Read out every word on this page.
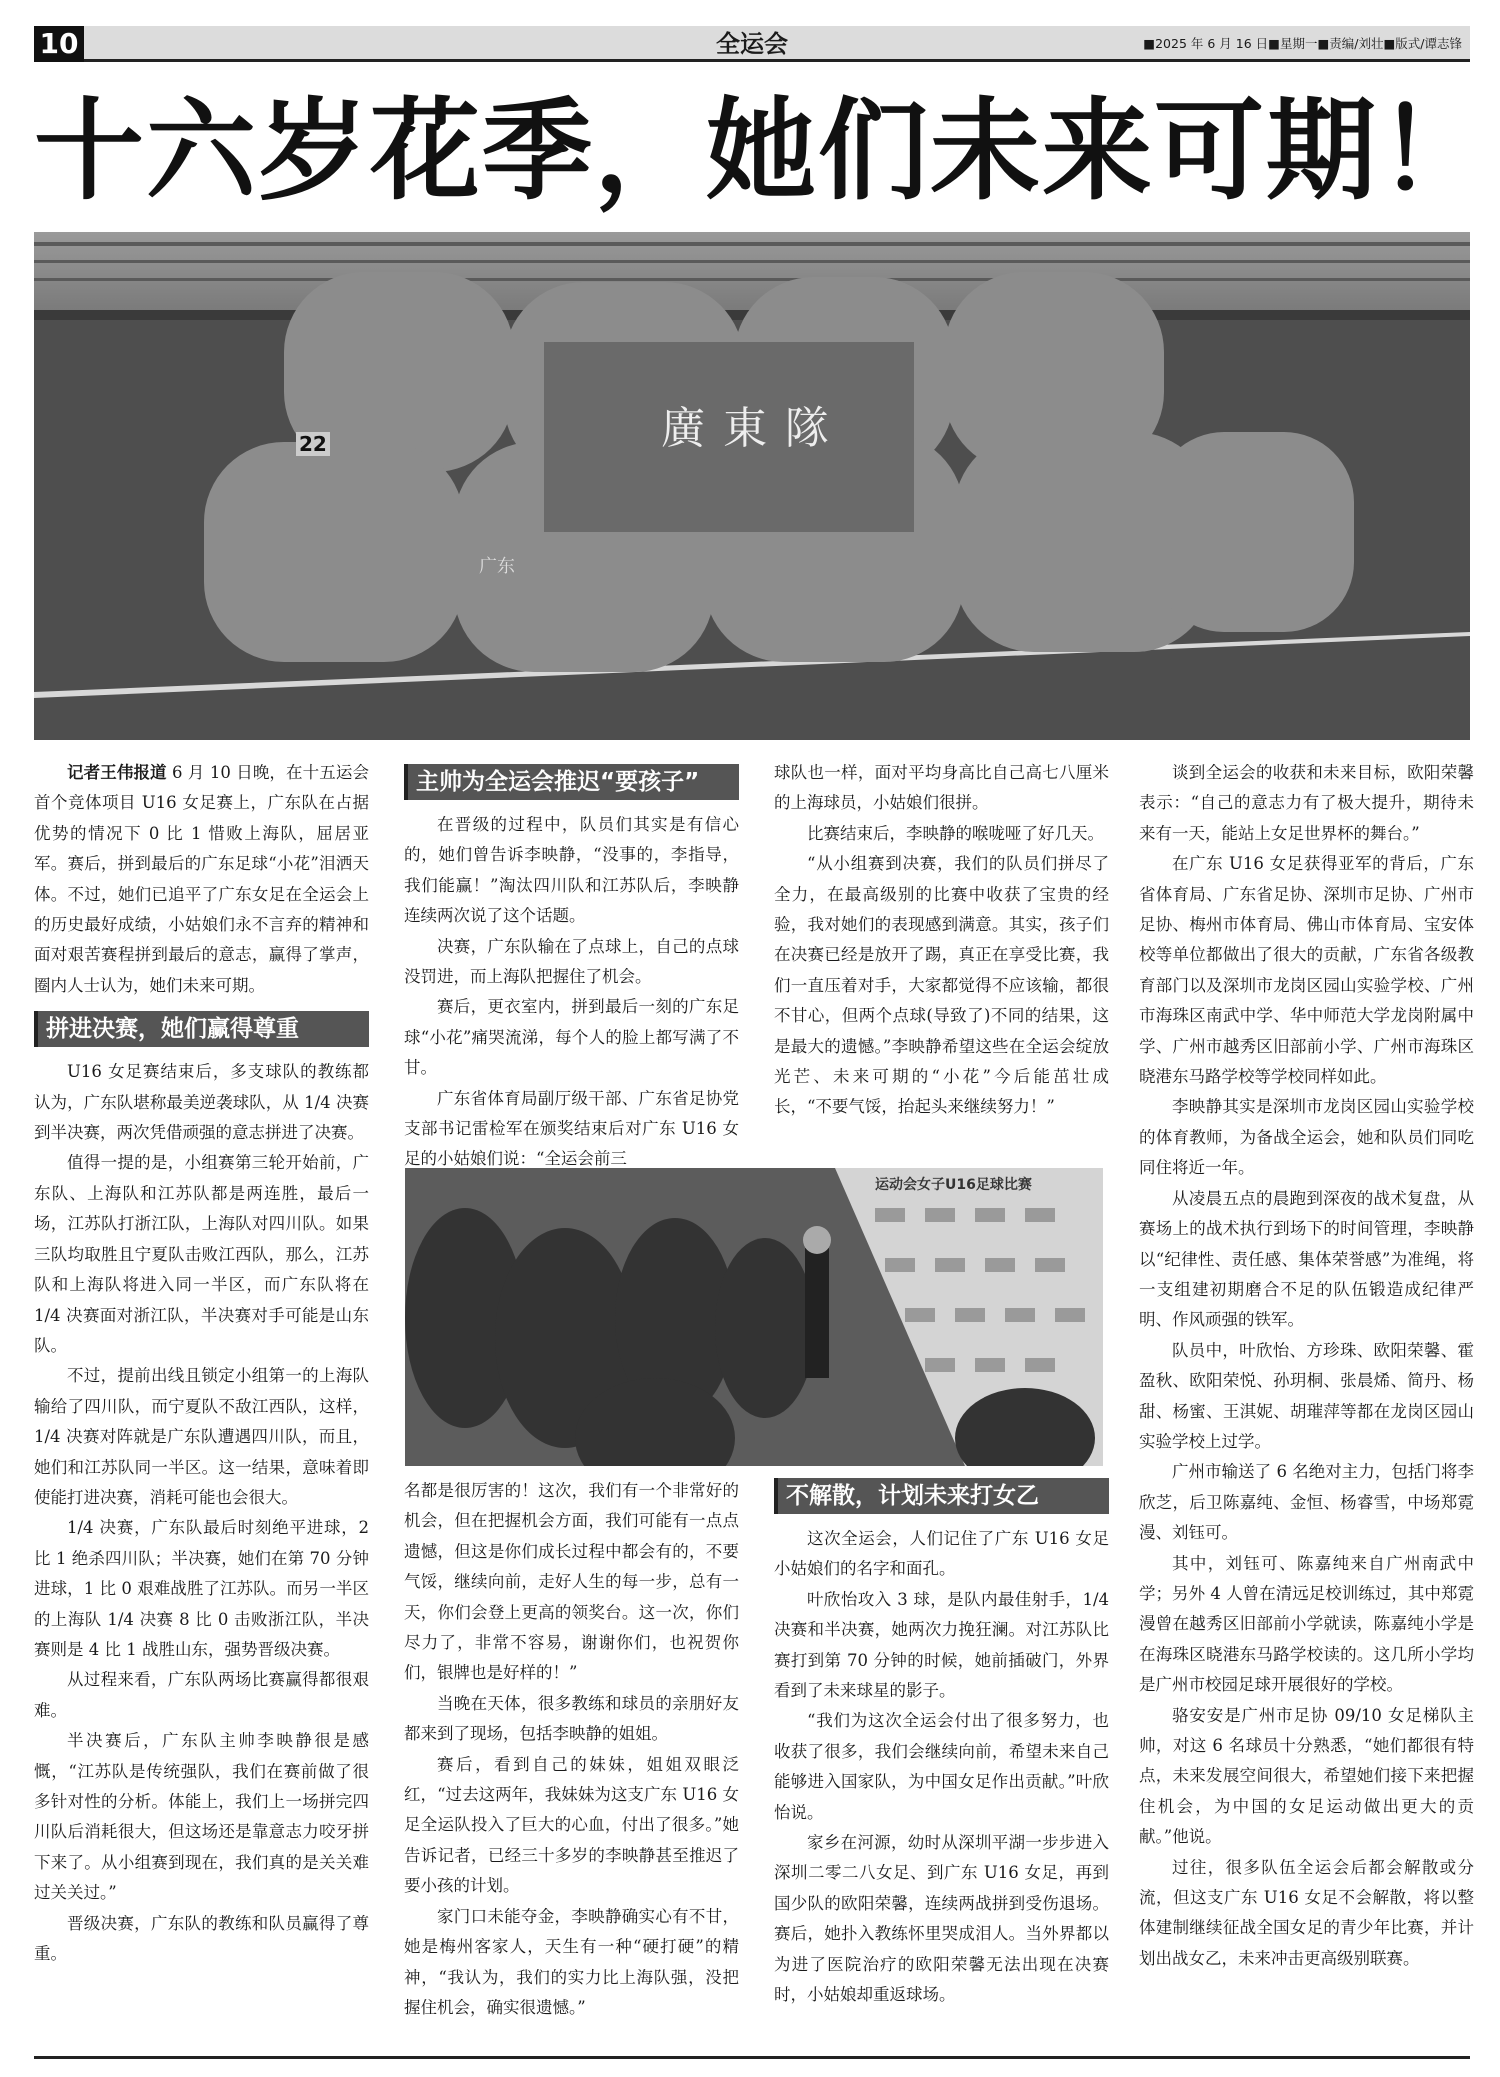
10	全运会	■2025 年 6 月 16 日■星期一■责编/刘壮■版式/谭志锋
十六岁花季，她们未来可期！
廣東隊
广东
22

记者王伟报道 6 月 10 日晚，在十五运会首个竞体项目 U16 女足赛上，广东队在占据优势的情况下 0 比 1 惜败上海队，屈居亚军。赛后，拼到最后的广东足球“小花”泪洒天体。不过，她们已追平了广东女足在全运会上的历史最好成绩，小姑娘们永不言弃的精神和面对艰苦赛程拼到最后的意志，赢得了掌声，圈内人士认为，她们未来可期。

拼进决赛，她们赢得尊重

U16 女足赛结束后，多支球队的教练都认为，广东队堪称最美逆袭球队，从 1/4 决赛到半决赛，两次凭借顽强的意志拼进了决赛。

值得一提的是，小组赛第三轮开始前，广东队、上海队和江苏队都是两连胜，最后一场，江苏队打浙江队，上海队对四川队。如果三队均取胜且宁夏队击败江西队，那么，江苏队和上海队将进入同一半区，而广东队将在 1/4 决赛面对浙江队，半决赛对手可能是山东队。

不过，提前出线且锁定小组第一的上海队输给了四川队，而宁夏队不敌江西队，这样，1/4 决赛对阵就是广东队遭遇四川队，而且，她们和江苏队同一半区。这一结果，意味着即使能打进决赛，消耗可能也会很大。

1/4 决赛，广东队最后时刻绝平进球，2 比 1 绝杀四川队；半决赛，她们在第 70 分钟进球，1 比 0 艰难战胜了江苏队。而另一半区的上海队 1/4 决赛 8 比 0 击败浙江队，半决赛则是 4 比 1 战胜山东，强势晋级决赛。

从过程来看，广东队两场比赛赢得都很艰难。

半决赛后，广东队主帅李映静很是感慨，“江苏队是传统强队，我们在赛前做了很多针对性的分析。体能上，我们上一场拼完四川队后消耗很大，但这场还是靠意志力咬牙拼下来了。从小组赛到现在，我们真的是关关难过关关过。”

晋级决赛，广东队的教练和队员赢得了尊重。

主帅为全运会推迟“要孩子”

在晋级的过程中，队员们其实是有信心的，她们曾告诉李映静，“没事的，李指导，我们能赢！”淘汰四川队和江苏队后，李映静连续两次说了这个话题。

决赛，广东队输在了点球上，自己的点球没罚进，而上海队把握住了机会。

赛后，更衣室内，拼到最后一刻的广东足球“小花”痛哭流涕，每个人的脸上都写满了不甘。

广东省体育局副厅级干部、广东省足协党支部书记雷检军在颁奖结束后对广东 U16 女足的小姑娘们说：“全运会前三

球队也一样，面对平均身高比自己高七八厘米的上海球员，小姑娘们很拼。

比赛结束后，李映静的喉咙哑了好几天。

“从小组赛到决赛，我们的队员们拼尽了全力，在最高级别的比赛中收获了宝贵的经验，我对她们的表现感到满意。其实，孩子们在决赛已经是放开了踢，真正在享受比赛，我们一直压着对手，大家都觉得不应该输，都很不甘心，但两个点球(导致了)不同的结果，这是最大的遗憾。”李映静希望这些在全运会绽放光芒、未来可期的“小花”今后能茁壮成长，“不要气馁，抬起头来继续努力！”

运动会女子U16足球比赛

名都是很厉害的！这次，我们有一个非常好的机会，但在把握机会方面，我们可能有一点点遗憾，但这是你们成长过程中都会有的，不要气馁，继续向前，走好人生的每一步，总有一天，你们会登上更高的领奖台。这一次，你们尽力了，非常不容易，谢谢你们，也祝贺你们，银牌也是好样的！”

当晚在天体，很多教练和球员的亲朋好友都来到了现场，包括李映静的姐姐。

赛后，看到自己的妹妹，姐姐双眼泛红，“过去这两年，我妹妹为这支广东 U16 女足全运队投入了巨大的心血，付出了很多。”她告诉记者，已经三十多岁的李映静甚至推迟了要小孩的计划。

家门口未能夺金，李映静确实心有不甘，她是梅州客家人，天生有一种“硬打硬”的精神，“我认为，我们的实力比上海队强，没把握住机会，确实很遗憾。”

不解散，计划未来打女乙

这次全运会，人们记住了广东 U16 女足小姑娘们的名字和面孔。

叶欣怡攻入 3 球，是队内最佳射手，1/4 决赛和半决赛，她两次力挽狂澜。对江苏队比赛打到第 70 分钟的时候，她前插破门，外界看到了未来球星的影子。

“我们为这次全运会付出了很多努力，也收获了很多，我们会继续向前，希望未来自己能够进入国家队，为中国女足作出贡献。”叶欣怡说。

家乡在河源，幼时从深圳平湖一步步进入深圳二零二八女足、到广东 U16 女足，再到国少队的欧阳荣馨，连续两战拼到受伤退场。赛后，她扑入教练怀里哭成泪人。当外界都以为进了医院治疗的欧阳荣馨无法出现在决赛时，小姑娘却重返球场。

谈到全运会的收获和未来目标，欧阳荣馨表示：“自己的意志力有了极大提升，期待未来有一天，能站上女足世界杯的舞台。”

在广东 U16 女足获得亚军的背后，广东省体育局、广东省足协、深圳市足协、广州市足协、梅州市体育局、佛山市体育局、宝安体校等单位都做出了很大的贡献，广东省各级教育部门以及深圳市龙岗区园山实验学校、广州市海珠区南武中学、华中师范大学龙岗附属中学、广州市越秀区旧部前小学、广州市海珠区晓港东马路学校等学校同样如此。

李映静其实是深圳市龙岗区园山实验学校的体育教师，为备战全运会，她和队员们同吃同住将近一年。

从凌晨五点的晨跑到深夜的战术复盘，从赛场上的战术执行到场下的时间管理，李映静以“纪律性、责任感、集体荣誉感”为准绳，将一支组建初期磨合不足的队伍锻造成纪律严明、作风顽强的铁军。

队员中，叶欣怡、方珍珠、欧阳荣馨、霍盈秋、欧阳荣悦、孙玥桐、张晨烯、简丹、杨甜、杨蜜、王淇妮、胡璀萍等都在龙岗区园山实验学校上过学。

广州市输送了 6 名绝对主力，包括门将李欣芝，后卫陈嘉纯、金恒、杨睿雪，中场郑霓漫、刘钰可。

其中，刘钰可、陈嘉纯来自广州南武中学；另外 4 人曾在清远足校训练过，其中郑霓漫曾在越秀区旧部前小学就读，陈嘉纯小学是在海珠区晓港东马路学校读的。这几所小学均是广州市校园足球开展很好的学校。

骆安安是广州市足协 09/10 女足梯队主帅，对这 6 名球员十分熟悉，“她们都很有特点，未来发展空间很大，希望她们接下来把握住机会，为中国的女足运动做出更大的贡献。”他说。

过往，很多队伍全运会后都会解散或分流，但这支广东 U16 女足不会解散，将以整体建制继续征战全国女足的青少年比赛，并计划出战女乙，未来冲击更高级别联赛。
